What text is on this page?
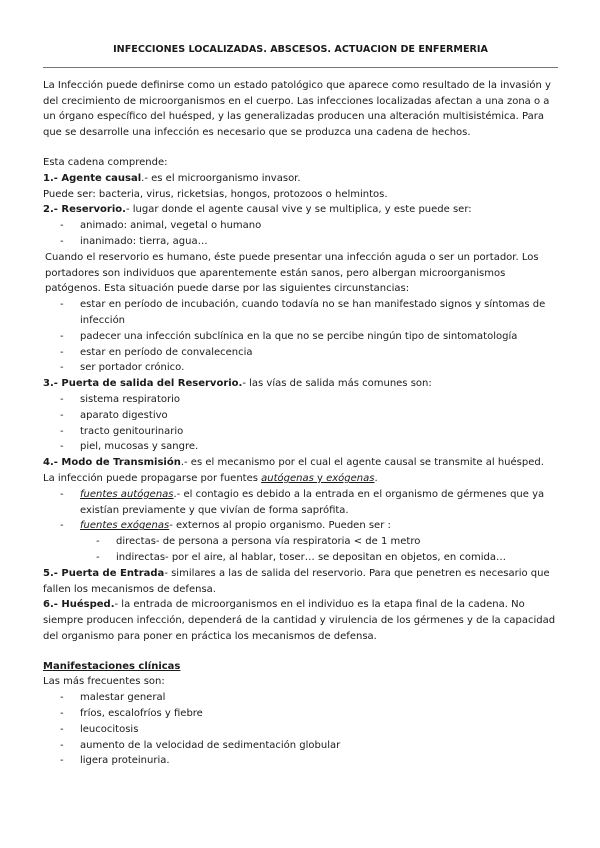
INFECCIONES LOCALIZADAS. ABSCESOS. ACTUACION DE ENFERMERIA

La Infección puede definirse como un estado patológico que aparece como resultado de la invasión y del crecimiento de microorganismos en el cuerpo. Las infecciones localizadas afectan a una zona o a un órgano específico del huésped, y las generalizadas producen una alteración multisistémica. Para que se desarrolle una infección es necesario que se produzca una cadena de hechos.

Esta cadena comprende:

1.- Agente causal.- es el microorganismo invasor.

Puede ser: bacteria, virus, ricketsias, hongos, protozoos o helmintos.

2.- Reservorio.- lugar donde el agente causal vive y se multiplica, y este puede ser:

- animado: animal, vegetal o humano
- inanimado: tierra, agua…

Cuando el reservorio es humano, éste puede presentar una infección aguda o ser un portador. Los portadores son individuos que aparentemente están sanos, pero albergan microorganismos patógenos. Esta situación puede darse por las siguientes circunstancias:

- estar en período de incubación, cuando todavía no se han manifestado signos y síntomas de infección
- padecer una infección subclínica en la que no se percibe ningún tipo de sintomatología
- estar en período de convalecencia
- ser portador crónico.

3.- Puerta de salida del Reservorio.- las vías de salida más comunes son:

- sistema respiratorio
- aparato digestivo
- tracto genitourinario
- piel, mucosas y sangre.

4.- Modo de Transmisión.- es el mecanismo por el cual el agente causal se transmite al huésped. La infección puede propagarse por fuentes autógenas y exógenas.

- fuentes autógenas.- el contagio es debido a la entrada en el organismo de gérmenes que ya existían previamente y que vivían de forma saprófita.
- fuentes exógenas- externos al propio organismo. Pueden ser :
- directas- de persona a persona vía respiratoria < de 1 metro
- indirectas- por el aire, al hablar, toser… se depositan en objetos, en comida…

5.- Puerta de Entrada- similares a las de salida del reservorio. Para que penetren es necesario que fallen los mecanismos de defensa.

6.- Huésped.- la entrada de microorganismos en el individuo es la etapa final de la cadena. No siempre producen infección, dependerá de la cantidad y virulencia de los gérmenes y de la capacidad del organismo para poner en práctica los mecanismos de defensa.

Manifestaciones clínicas

Las más frecuentes son:

- malestar general
- fríos, escalofríos y fiebre
- leucocitosis
- aumento de la velocidad de sedimentación globular
- ligera proteinuria.
